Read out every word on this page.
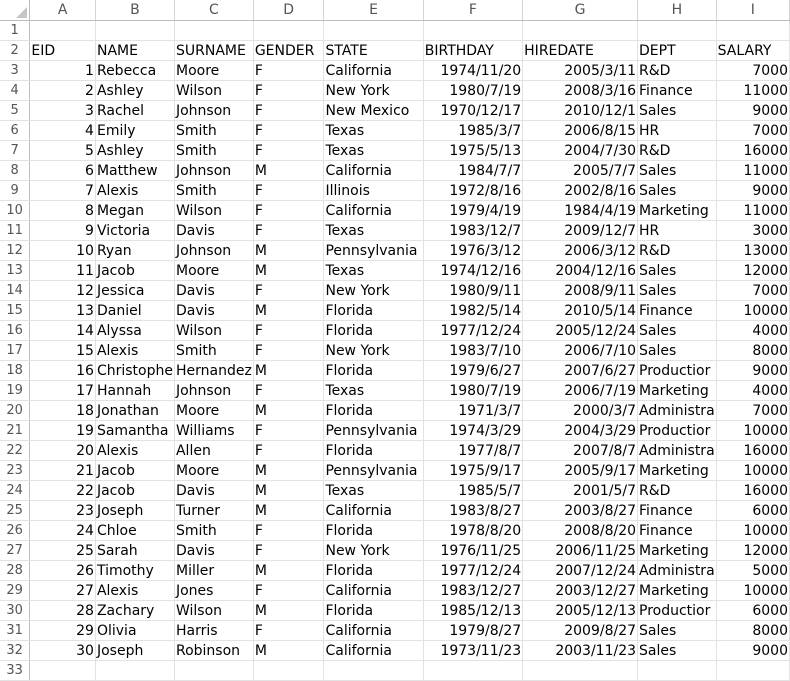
	A	B	C	D	E	F	G	H	I
1									
2	EID	NAME	SURNAME	GENDER	STATE	BIRTHDAY	HIREDATE	DEPT	SALARY
3	1	Rebecca	Moore	F	California	1974/11/20	2005/3/11	R&D	7000
4	2	Ashley	Wilson	F	New York	1980/7/19	2008/3/16	Finance	11000
5	3	Rachel	Johnson	F	New Mexico	1970/12/17	2010/12/1	Sales	9000
6	4	Emily	Smith	F	Texas	1985/3/7	2006/8/15	HR	7000
7	5	Ashley	Smith	F	Texas	1975/5/13	2004/7/30	R&D	16000
8	6	Matthew	Johnson	M	California	1984/7/7	2005/7/7	Sales	11000
9	7	Alexis	Smith	F	Illinois	1972/8/16	2002/8/16	Sales	9000
10	8	Megan	Wilson	F	California	1979/4/19	1984/4/19	Marketing	11000
11	9	Victoria	Davis	F	Texas	1983/12/7	2009/12/7	HR	3000
12	10	Ryan	Johnson	M	Pennsylvania	1976/3/12	2006/3/12	R&D	13000
13	11	Jacob	Moore	M	Texas	1974/12/16	2004/12/16	Sales	12000
14	12	Jessica	Davis	F	New York	1980/9/11	2008/9/11	Sales	7000
15	13	Daniel	Davis	M	Florida	1982/5/14	2010/5/14	Finance	10000
16	14	Alyssa	Wilson	F	Florida	1977/12/24	2005/12/24	Sales	4000
17	15	Alexis	Smith	F	New York	1983/7/10	2006/7/10	Sales	8000
18	16	Christophe	Hernandez	M	Florida	1979/6/27	2007/6/27	Productior	9000
19	17	Hannah	Johnson	F	Texas	1980/7/19	2006/7/19	Marketing	4000
20	18	Jonathan	Moore	M	Florida	1971/3/7	2000/3/7	Administra	7000
21	19	Samantha	Williams	F	Pennsylvania	1974/3/29	2004/3/29	Productior	10000
22	20	Alexis	Allen	F	Florida	1977/8/7	2007/8/7	Administra	16000
23	21	Jacob	Moore	M	Pennsylvania	1975/9/17	2005/9/17	Marketing	10000
24	22	Jacob	Davis	M	Texas	1985/5/7	2001/5/7	R&D	16000
25	23	Joseph	Turner	M	California	1983/8/27	2003/8/27	Finance	6000
26	24	Chloe	Smith	F	Florida	1978/8/20	2008/8/20	Finance	10000
27	25	Sarah	Davis	F	New York	1976/11/25	2006/11/25	Marketing	12000
28	26	Timothy	Miller	M	Florida	1977/12/24	2007/12/24	Administra	5000
29	27	Alexis	Jones	F	California	1983/12/27	2003/12/27	Marketing	10000
30	28	Zachary	Wilson	M	Florida	1985/12/13	2005/12/13	Productior	6000
31	29	Olivia	Harris	F	California	1979/8/27	2009/8/27	Sales	8000
32	30	Joseph	Robinson	M	California	1973/11/23	2003/11/23	Sales	9000
33									
